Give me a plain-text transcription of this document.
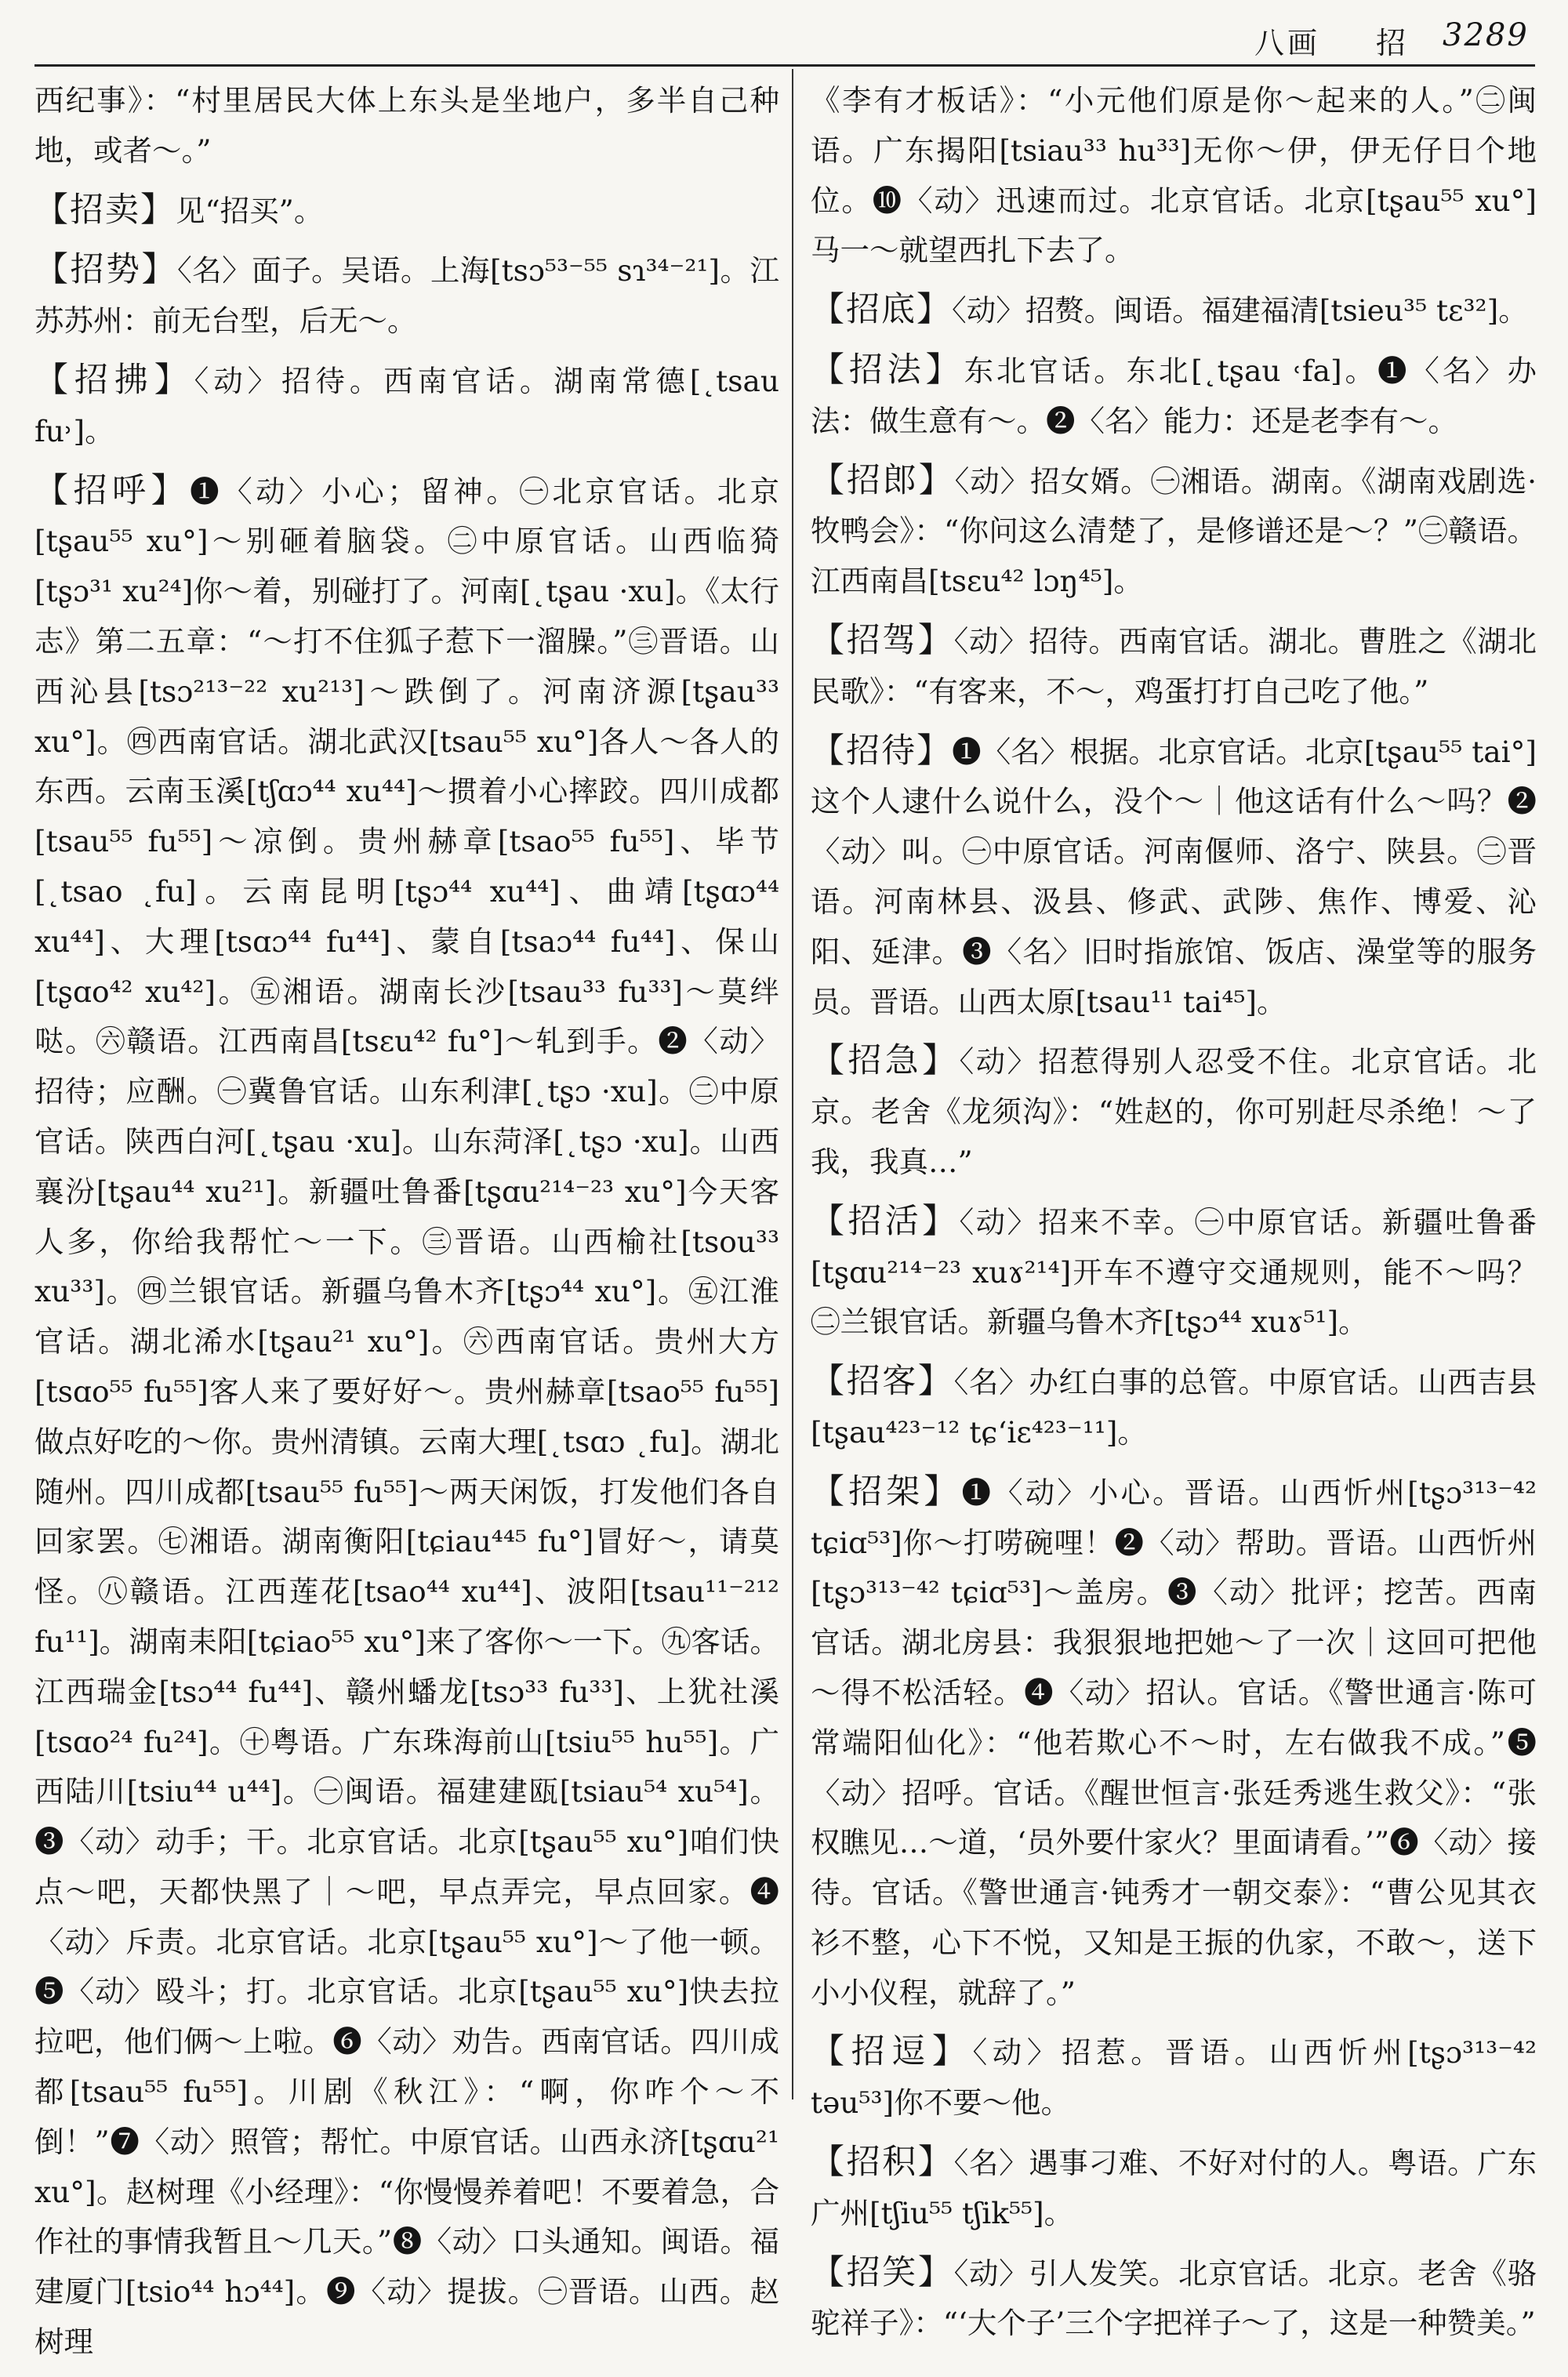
八画 招 3289

西纪事》：“村里居民大体上东头是坐地户，多半自己种地，或者～。”

【招卖】见“招买”。

【招势】〈名〉面子。吴语。上海[tsɔ⁵³⁻⁵⁵ sɿ³⁴⁻²¹]。江苏苏州：前无台型，后无～。

【招拂】〈动〉招待。西南官话。湖南常德[˛tsau fu˒]。

【招呼】❶〈动〉小心；留神。㊀北京官话。北京[tʂau⁵⁵ xu°]～别砸着脑袋。㊁中原官话。山西临猗[tʂɔ³¹ xu²⁴]你～着，别碰打了。河南[˛tʂau ·xu]。《太行志》第二五章：“～打不住狐子惹下一溜臊。”㊂晋语。山西沁县[tsɔ²¹³⁻²² xu²¹³]～跌倒了。河南济源[tʂau³³ xu°]。㊃西南官话。湖北武汉[tsau⁵⁵ xu°]各人～各人的东西。云南玉溪[tʃɑɔ⁴⁴ xu⁴⁴]～掼着小心摔跤。四川成都[tsau⁵⁵ fu⁵⁵]～凉倒。贵州赫章[tsao⁵⁵ fu⁵⁵]、毕节[˛tsao ˛fu]。云南昆明[tʂɔ⁴⁴ xu⁴⁴]、曲靖[tʂɑɔ⁴⁴ xu⁴⁴]、大理[tsɑɔ⁴⁴ fu⁴⁴]、蒙自[tsaɔ⁴⁴ fu⁴⁴]、保山[tʂɑo⁴² xu⁴²]。㊄湘语。湖南长沙[tsau³³ fu³³]～莫绊哒。㊅赣语。江西南昌[tsɛu⁴² fu°]～轧到手。❷〈动〉招待；应酬。㊀冀鲁官话。山东利津[˛tʂɔ ·xu]。㊁中原官话。陕西白河[˛tʂau ·xu]。山东菏泽[˛tʂɔ ·xu]。山西襄汾[tʂau⁴⁴ xu²¹]。新疆吐鲁番[tʂɑu²¹⁴⁻²³ xu°]今天客人多，你给我帮忙～一下。㊂晋语。山西榆社[tsou³³ xu³³]。㊃兰银官话。新疆乌鲁木齐[tʂɔ⁴⁴ xu°]。㊄江淮官话。湖北浠水[tʂau²¹ xu°]。㊅西南官话。贵州大方[tsɑo⁵⁵ fu⁵⁵]客人来了要好好～。贵州赫章[tsao⁵⁵ fu⁵⁵]做点好吃的～你。贵州清镇。云南大理[˛tsɑɔ ˛fu]。湖北随州。四川成都[tsau⁵⁵ fu⁵⁵]～两天闲饭，打发他们各自回家罢。㊆湘语。湖南衡阳[tɕiau⁴⁴⁵ fu°]冒好～，请莫怪。㊇赣语。江西莲花[tsao⁴⁴ xu⁴⁴]、波阳[tsau¹¹⁻²¹² fu¹¹]。湖南耒阳[tɕiao⁵⁵ xu°]来了客你～一下。㊈客话。江西瑞金[tsɔ⁴⁴ fu⁴⁴]、赣州蟠龙[tsɔ³³ fu³³]、上犹社溪[tsɑo²⁴ fu²⁴]。㊉粤语。广东珠海前山[tsiu⁵⁵ hu⁵⁵]。广西陆川[tsiu⁴⁴ u⁴⁴]。㊀闽语。福建建瓯[tsiau⁵⁴ xu⁵⁴]。❸〈动〉动手；干。北京官话。北京[tʂau⁵⁵ xu°]咱们快点～吧，天都快黑了｜～吧，早点弄完，早点回家。❹〈动〉斥责。北京官话。北京[tʂau⁵⁵ xu°]～了他一顿。❺〈动〉殴斗；打。北京官话。北京[tʂau⁵⁵ xu°]快去拉拉吧，他们俩～上啦。❻〈动〉劝告。西南官话。四川成都[tsau⁵⁵ fu⁵⁵]。川剧《秋江》：“啊，你咋个～不倒！”❼〈动〉照管；帮忙。中原官话。山西永济[tʂɑu²¹ xu°]。赵树理《小经理》：“你慢慢养着吧！不要着急，合作社的事情我暂且～几天。”❽〈动〉口头通知。闽语。福建厦门[tsio⁴⁴ hɔ⁴⁴]。❾〈动〉提拔。㊀晋语。山西。赵树理

《李有才板话》：“小元他们原是你～起来的人。”㊁闽语。广东揭阳[tsiau³³ hu³³]无你～伊，伊无仔日个地位。❿〈动〉迅速而过。北京官话。北京[tʂau⁵⁵ xu°]马一～就望西扎下去了。

【招底】〈动〉招赘。闽语。福建福清[tsieu³⁵ tɛ³²]。

【招法】东北官话。东北[˛tʂau ˓fa]。❶〈名〉办法：做生意有～。❷〈名〉能力：还是老李有～。

【招郎】〈动〉招女婿。㊀湘语。湖南。《湖南戏剧选·牧鸭会》：“你问这么清楚了，是修谱还是～？”㊁赣语。江西南昌[tsɛu⁴² lɔŋ⁴⁵]。

【招驾】〈动〉招待。西南官话。湖北。曹胜之《湖北民歌》：“有客来，不～，鸡蛋打打自己吃了他。”

【招待】❶〈名〉根据。北京官话。北京[tʂau⁵⁵ tai°]这个人逮什么说什么，没个～｜他这话有什么～吗？❷〈动〉叫。㊀中原官话。河南偃师、洛宁、陕县。㊁晋语。河南林县、汲县、修武、武陟、焦作、博爱、沁阳、延津。❸〈名〉旧时指旅馆、饭店、澡堂等的服务员。晋语。山西太原[tsau¹¹ tai⁴⁵]。

【招急】〈动〉招惹得别人忍受不住。北京官话。北京。老舍《龙须沟》：“姓赵的，你可别赶尽杀绝！～了我，我真…”

【招活】〈动〉招来不幸。㊀中原官话。新疆吐鲁番[tʂɑu²¹⁴⁻²³ xuɤ²¹⁴]开车不遵守交通规则，能不～吗？㊁兰银官话。新疆乌鲁木齐[tʂɔ⁴⁴ xuɤ⁵¹]。

【招客】〈名〉办红白事的总管。中原官话。山西吉县[tʂau⁴²³⁻¹² tɕʻiɛ⁴²³⁻¹¹]。

【招架】❶〈动〉小心。晋语。山西忻州[tʂɔ³¹³⁻⁴² tɕiɑ⁵³]你～打唠碗哩！❷〈动〉帮助。晋语。山西忻州[tʂɔ³¹³⁻⁴² tɕiɑ⁵³]～盖房。❸〈动〉批评；挖苦。西南官话。湖北房县：我狠狠地把她～了一次｜这回可把他～得不松活轻。❹〈动〉招认。官话。《警世通言·陈可常端阳仙化》：“他若欺心不～时，左右做我不成。”❺〈动〉招呼。官话。《醒世恒言·张廷秀逃生救父》：“张权瞧见…～道，‘员外要什家火？里面请看。’”❻〈动〉接待。官话。《警世通言·钝秀才一朝交泰》：“曹公见其衣衫不整，心下不悦，又知是王振的仇家，不敢～，送下小小仪程，就辞了。”

【招逗】〈动〉招惹。晋语。山西忻州[tʂɔ³¹³⁻⁴² təu⁵³]你不要～他。

【招积】〈名〉遇事刁难、不好对付的人。粤语。广东广州[tʃiu⁵⁵ tʃik⁵⁵]。

【招笑】〈动〉引人发笑。北京官话。北京。老舍《骆驼祥子》：“‘大个子’三个字把祥子～了，这是一种赞美。”
